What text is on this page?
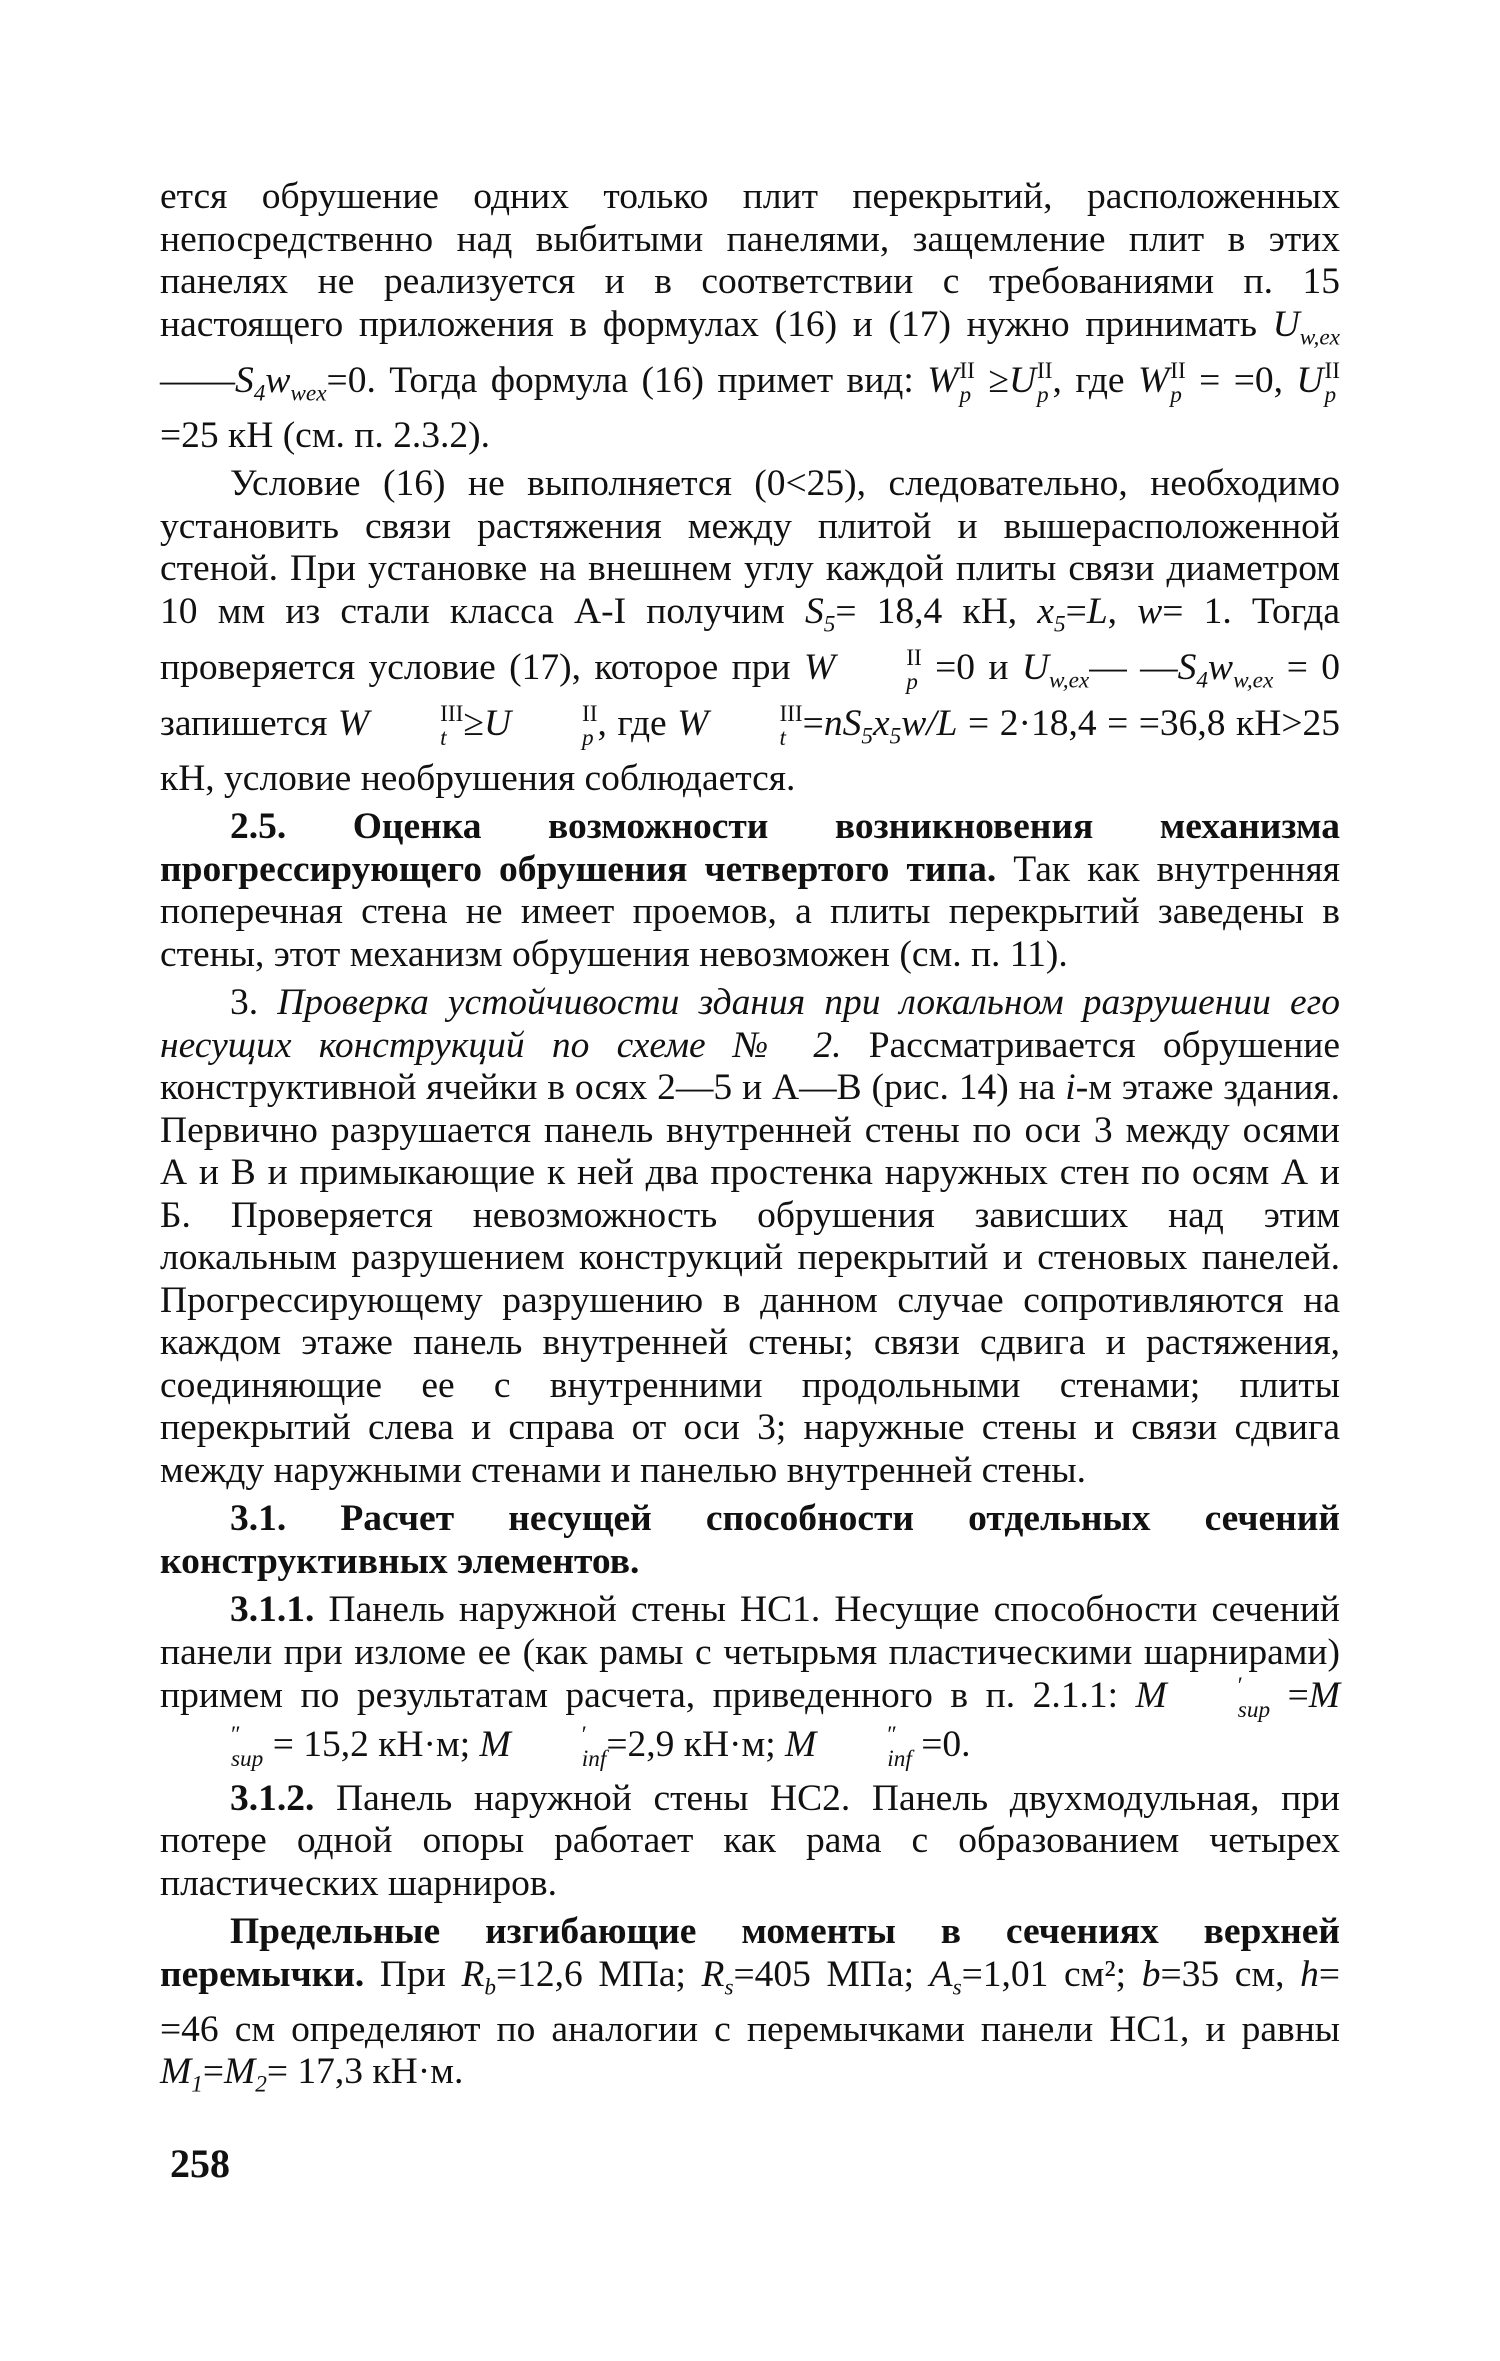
ется обрушение одних только плит перекрытий, расположенных непосредственно над выбитыми панелями, защемление плит в этих панелях не реализуется и в соответствии с требованиями п. 15 настоящего приложения в формулах (16) и (17) нужно принимать $U_{w,ex}——S_4w_{wex}=0$. Тогда формула (16) примет вид: W II
p ≥U II
p , где W II
p = =0, U II
p
=25 кН (см. п. 2.3.2).

Условие (16) не выполняется (0<25), следовательно, необходимо установить связи растяжения между плитой и вышерасположенной стеной. При установке на внешнем углу каждой плиты связи диаметром 10 мм из стали класса А-I получим $S_5= 18,4$ кН, $x_5=L$, w= 1. Тогда проверяется условие (17), которое при W	II
p =0 и $U_{w,ex}—$ $—S_4w_{w,ex} = 0$ запишется W	III
t ≥U	II
p , где W	III
$t =nS_5x_5w/L = 2\cdot 18,4 = =36,8$ кН>25 кН, условие необрушения соблюдается.

2.5. Оценка возможности возникновения механизма прогрессирующего обрушения четвертого типа. Так как внутренняя поперечная стена не имеет проемов, а плиты перекрытий заведены в стены, этот механизм обрушения невозможен (см. п. 11).

3. Проверка устойчивости здания при локальном разрушении его несущих конструкций по схеме № 2. Рассматривается обрушение конструктивной ячейки в осях 2—5 и А—В (рис. 14) на i-м этаже здания. Первично разрушается панель внутренней стены по оси 3 между осями А и В и примыкающие к ней два простенка наружных стен по осям А и Б. Проверяется невозможность обрушения зависших над этим локальным разрушением конструкций перекрытий и стеновых панелей. Прогрессирующему разрушению в данном случае сопротивляются на каждом этаже панель внутренней стены; связи сдвига и растяжения, соединяющие ее с внутренними продольными стенами; плиты перекрытий слева и справа от оси 3; наружные стены и связи сдвига между наружными стенами и панелью внутренней стены.

3.1. Расчет несущей способности отдельных сечений конструктивных элементов.

3.1.1. Панель наружной стены НС1. Несущие способности сечений панели при изломе ее (как рамы с четырьмя пластическими шарнирами) примем по результатам расчета, приведенного в п. 2.1.1: M	′
sup =M
″
sup = 15,2 кН·м; M	′
inf =2,9 кН·м; M	″
inf =0.

3.1.2. Панель наружной стены НС2. Панель двухмодульная, при потере одной опоры работает как рама с образованием четырех пластических шарниров.

Предельные изгибающие моменты в сечениях верхней перемычки. При $R_b=12,6$ МПа; $R_s=405$ МПа; $A_s=1,01$ см²; b=35 см, h= =46 см определяют по аналогии с перемычками панели НС1, и равны $M_1=M_2= 17,3$ кН·м.

258
